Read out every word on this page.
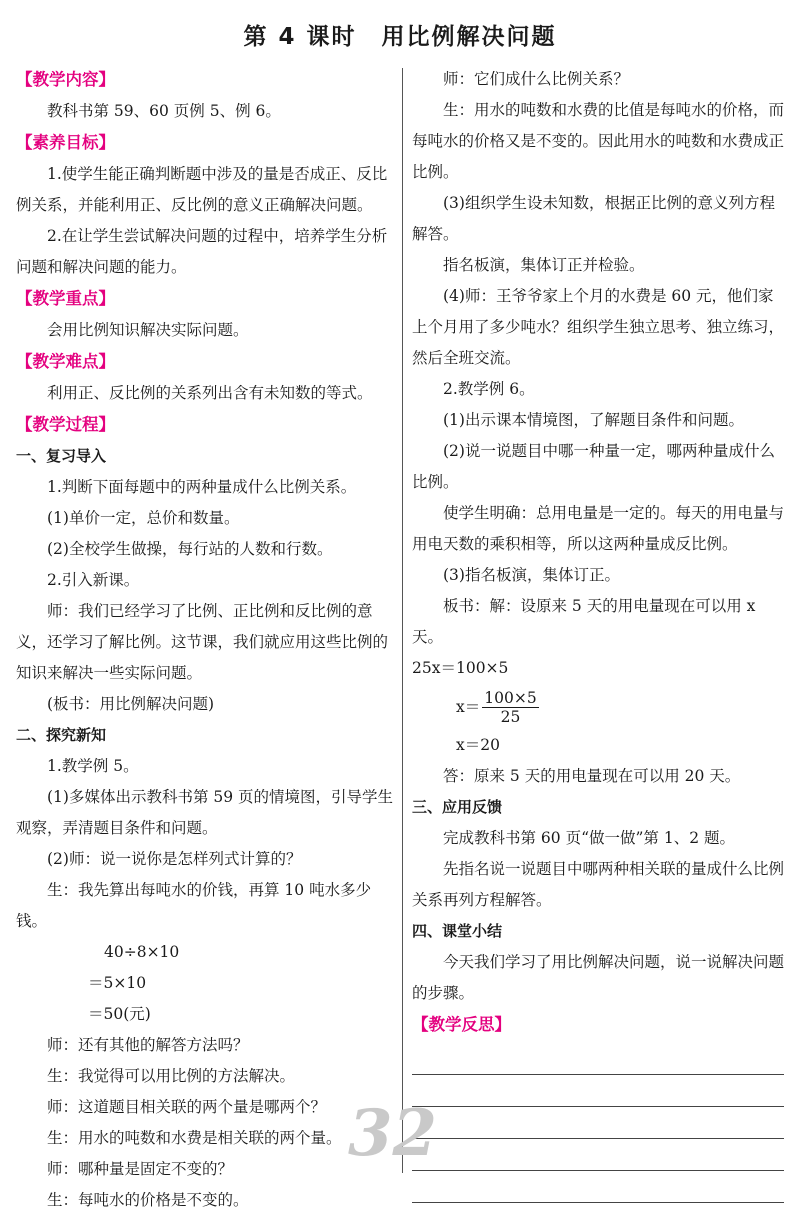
第 4 课时　用比例解决问题

【教学内容】

教科书第 59、60 页例 5、例 6。

【素养目标】

1.使学生能正确判断题中涉及的量是否成正、反比例关系，并能利用正、反比例的意义正确解决问题。

2.在让学生尝试解决问题的过程中，培养学生分析问题和解决问题的能力。

【教学重点】

会用比例知识解决实际问题。

【教学难点】

利用正、反比例的关系列出含有未知数的等式。

【教学过程】

一、复习导入

1.判断下面每题中的两种量成什么比例关系。

(1)单价一定，总价和数量。

(2)全校学生做操，每行站的人数和行数。

2.引入新课。

师：我们已经学习了比例、正比例和反比例的意义，还学习了解比例。这节课，我们就应用这些比例的知识来解决一些实际问题。

(板书：用比例解决问题)

二、探究新知

1.教学例 5。

(1)多媒体出示教科书第 59 页的情境图，引导学生观察，弄清题目条件和问题。

(2)师：说一说你是怎样列式计算的？

生：我先算出每吨水的价钱，再算 10 吨水多少钱。

40÷8×10

＝5×10

＝50(元)

师：还有其他的解答方法吗？

生：我觉得可以用比例的方法解决。

师：这道题目相关联的两个量是哪两个？

生：用水的吨数和水费是相关联的两个量。

师：哪种量是固定不变的？

生：每吨水的价格是不变的。

师：它们成什么比例关系？

生：用水的吨数和水费的比值是每吨水的价格，而每吨水的价格又是不变的。因此用水的吨数和水费成正比例。

(3)组织学生设未知数，根据正比例的意义列方程解答。

指名板演，集体订正并检验。

(4)师：王爷爷家上个月的水费是 60 元，他们家上个月用了多少吨水？组织学生独立思考、独立练习，然后全班交流。

2.教学例 6。

(1)出示课本情境图，了解题目条件和问题。

(2)说一说题目中哪一种量一定，哪两种量成什么比例。

使学生明确：总用电量是一定的。每天的用电量与用电天数的乘积相等，所以这两种量成反比例。

(3)指名板演，集体订正。

板书：解：设原来 5 天的用电量现在可以用 x 天。

25x＝100×5

$x= \frac{100\times 5}{25}$

x＝20

答：原来 5 天的用电量现在可以用 20 天。

三、应用反馈

完成教科书第 60 页“做一做”第 1、2 题。

先指名说一说题目中哪两种相关联的量成什么比例关系再列方程解答。

四、课堂小结

今天我们学习了用比例解决问题，说一说解决问题的步骤。

【教学反思】

32
